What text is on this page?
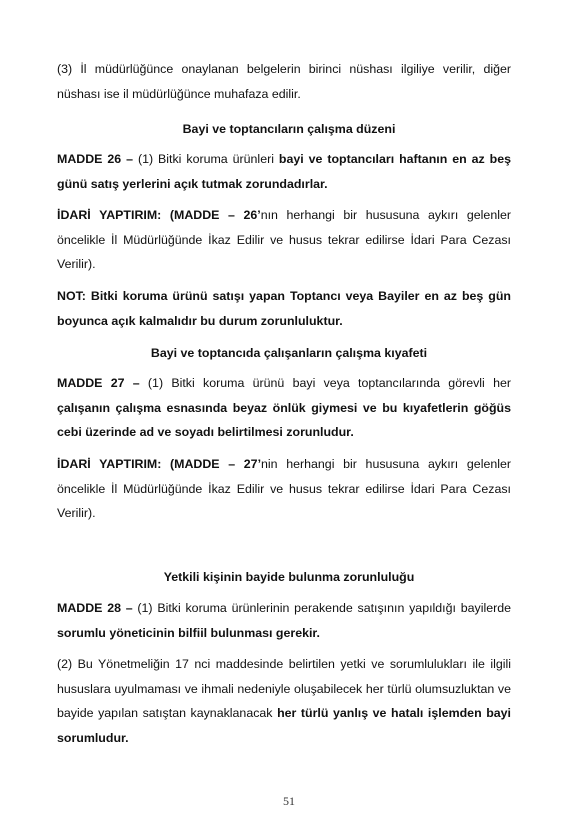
(3) İl müdürlüğünce onaylanan belgelerin birinci nüshası ilgiliye verilir, diğer nüshası ise il müdürlüğünce muhafaza edilir.

Bayi ve toptancıların çalışma düzeni

MADDE 26 – (1) Bitki koruma ürünleri bayi ve toptancıları haftanın en az beş günü satış yerlerini açık tutmak zorundadırlar.

İDARİ YAPTIRIM: (MADDE – 26’nın herhangi bir hususuna aykırı gelenler öncelikle İl Müdürlüğünde İkaz Edilir ve husus tekrar edilirse İdari Para Cezası Verilir).

NOT: Bitki koruma ürünü satışı yapan Toptancı veya Bayiler en az beş gün boyunca açık kalmalıdır bu durum zorunluluktur.

Bayi ve toptancıda çalışanların çalışma kıyafeti

MADDE 27 – (1) Bitki koruma ürünü bayi veya toptancılarında görevli her çalışanın çalışma esnasında beyaz önlük giymesi ve bu kıyafetlerin göğüs cebi üzerinde ad ve soyadı belirtilmesi zorunludur.

İDARİ YAPTIRIM: (MADDE – 27’nin herhangi bir hususuna aykırı gelenler öncelikle İl Müdürlüğünde İkaz Edilir ve husus tekrar edilirse İdari Para Cezası Verilir).

Yetkili kişinin bayide bulunma zorunluluğu

MADDE 28 – (1) Bitki koruma ürünlerinin perakende satışının yapıldığı bayilerde sorumlu yöneticinin bilfiil bulunması gerekir.

(2) Bu Yönetmeliğin 17 nci maddesinde belirtilen yetki ve sorumlulukları ile ilgili hususlara uyulmaması ve ihmali nedeniyle oluşabilecek her türlü olumsuzluktan ve bayide yapılan satıştan kaynaklanacak her türlü yanlış ve hatalı işlemden bayi sorumludur.

51
